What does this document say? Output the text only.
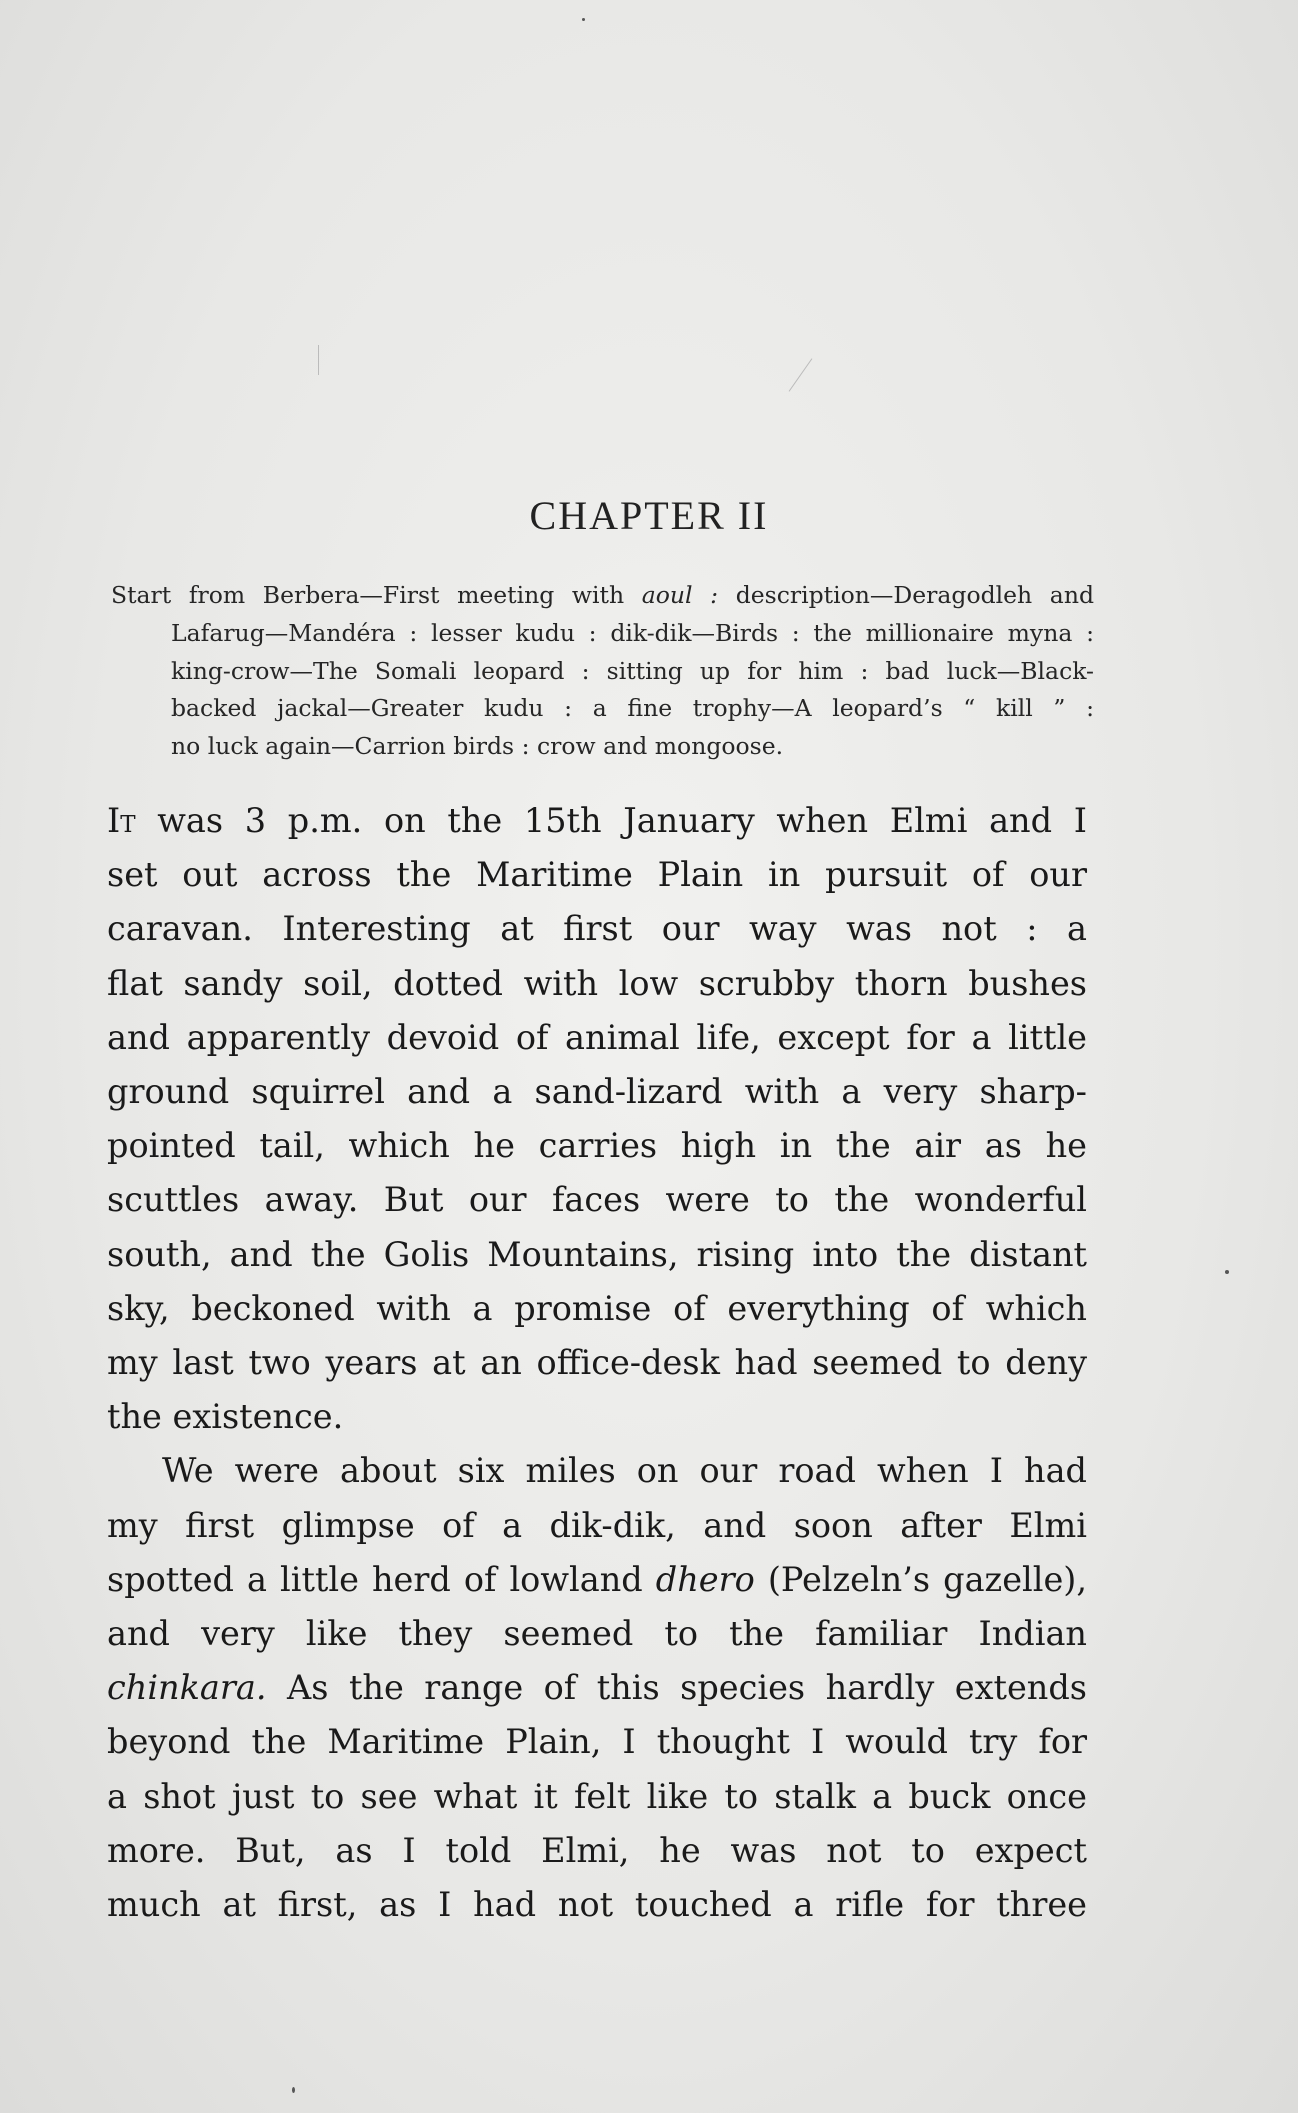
CHAPTER II
Start from Berbera—First meeting with aoul : description—Deragodleh and
Lafarug—Mandéra : lesser kudu : dik-dik—Birds : the millionaire myna :
king-crow—The Somali leopard : sitting up for him : bad luck—Black-
backed jackal—Greater kudu : a fine trophy—A leopard’s “ kill ” :
no luck again—Carrion birds : crow and mongoose.
It was 3 p.m. on the 15th January when Elmi and I
set out across the Maritime Plain in pursuit of our
caravan. Interesting at first our way was not : a
flat sandy soil, dotted with low scrubby thorn bushes
and apparently devoid of animal life, except for a little
ground squirrel and a sand-lizard with a very sharp-
pointed tail, which he carries high in the air as he
scuttles away. But our faces were to the wonderful
south, and the Golis Mountains, rising into the distant
sky, beckoned with a promise of everything of which
my last two years at an office-desk had seemed to deny
the existence.
We were about six miles on our road when I had
my first glimpse of a dik-dik, and soon after Elmi
spotted a little herd of lowland dhero (Pelzeln’s gazelle),
and very like they seemed to the familiar Indian
chinkara. As the range of this species hardly extends
beyond the Maritime Plain, I thought I would try for
a shot just to see what it felt like to stalk a buck once
more. But, as I told Elmi, he was not to expect
much at first, as I had not touched a rifle for three
